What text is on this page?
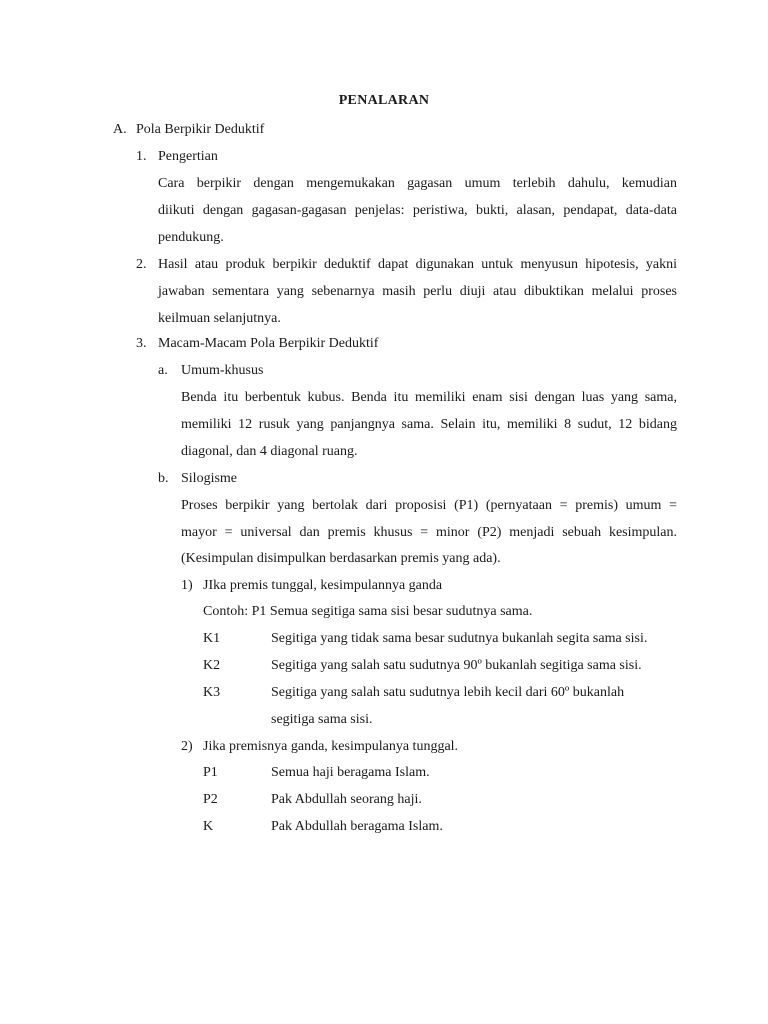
PENALARAN
A. Pola Berpikir Deduktif
1. Pengertian
Cara berpikir dengan mengemukakan gagasan umum terlebih dahulu, kemudian
diikuti dengan gagasan-gagasan penjelas: peristiwa, bukti, alasan, pendapat, data-data
pendukung.
2. Hasil atau produk berpikir deduktif dapat digunakan untuk menyusun hipotesis, yakni
jawaban sementara yang sebenarnya masih perlu diuji atau dibuktikan melalui proses
keilmuan selanjutnya.
3. Macam-Macam Pola Berpikir Deduktif
a. Umum-khusus
Benda itu berbentuk kubus. Benda itu memiliki enam sisi dengan luas yang sama,
memiliki 12 rusuk yang panjangnya sama. Selain itu, memiliki 8 sudut, 12 bidang
diagonal, dan 4 diagonal ruang.
b. Silogisme
Proses berpikir yang bertolak dari proposisi (P1) (pernyataan = premis) umum =
mayor = universal dan premis khusus = minor (P2) menjadi sebuah kesimpulan.
(Kesimpulan disimpulkan berdasarkan premis yang ada).
1) JIka premis tunggal, kesimpulannya ganda
Contoh: P1 Semua segitiga sama sisi besar sudutnya sama.
K1	Segitiga yang tidak sama besar sudutnya bukanlah segita sama sisi.
K2	Segitiga yang salah satu sudutnya 90º bukanlah segitiga sama sisi.
K3	Segitiga yang salah satu sudutnya lebih kecil dari 60º bukanlah
segitiga sama sisi.
2) Jika premisnya ganda, kesimpulanya tunggal.
P1	Semua haji beragama Islam.
P2	Pak Abdullah seorang haji.
K	Pak Abdullah beragama Islam.
